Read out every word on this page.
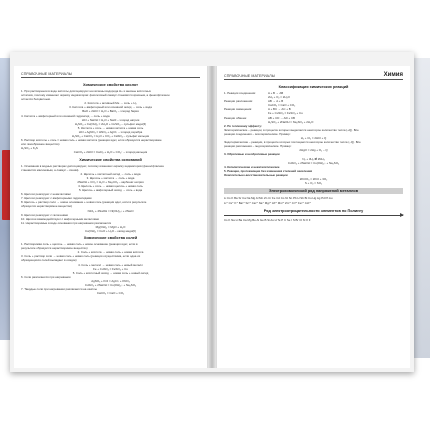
СПРАВОЧНЫЕ МАТЕРИАЛЫ
Химические свойства кислот
1. При растворении в воде кислоты диссоциируют на катионы водорода H+ и анионы кислотных
остатков, поэтому изменяют окраску индикаторов: фиолетовый лакмус становится красным, а фенолфталеин
остается бесцветным.
2. Кислота + активный Ме → соль + H₂
3. Кислота + амфотерный или основной оксид → соль + вода
BaO + 2HCl = H₂O + BaCl₂ – хлорид бария
4. Кислота + амфотерный или основной гидроксид → соль + вода
HCl + NaOH = H₂O + NaCl – хлорид натрия
H₂SO₄ + Cu(OH)₂ = 2H₂O + CuSO₄ – сульфат меди(II)
5. Кислота + соль → новая кислота + новая соль
HCl + AgNO₃ = HNO₃ + AgCl↓ – хлорид серебра
H₂SO₄ + CaCO₃ = H₂O + CO₂ + CaSO₄ – сульфат кальция
6. Раствор кислоты + соль = новая соль + новая кислота (реакция идет, если образуется нерастворимое
или газообразное вещество)
H₂SO₄ + K₂S
CaCO₃ + 2HCl = CaCl₂ + H₂O + CO₂↑ – хлорид кальция
Химические свойства оснований
1. Основания в водных растворах диссоциируют, поэтому изменяют окраску индикаторов (фенолфталеин
становится малиновым, а лакмус – синим).
2. Щелочь + кислотный оксид → соль + вода
3. Щелочь + кислота → соль + вода
2NaOH + CO₂ = H₂O + Na₂CO₃ – карбонат натрия
4. Щелочь + соль → новая щелочь + новая соль
5. Щелочь + амфотерный оксид → соль + вода
6. Щелочи реагируют с неметаллами
7. Щелочи реагируют с амфотерными гидроксидами
8. Щелочь + раствор соли → новое основание + новая соль (реакция идет, если в результате
образуется нерастворимое вещество)
NiCl₂ + 2NaOH = Ni(OH)₂↓ + 2NaCl
9. Щелочи реагируют с галогенами
10. Щелочи взаимодействуют с амфотерными металлами
11. Нерастворимые в воде основания при нагревании разлагаются
Mg(OH)₂ = MgO + H₂O
Cu(OH)₂ = CuO + H₂O – оксид меди(II)
Химические свойства солей
1. Растворимая соль + щелочь → новая соль + новое основание (реакция идет, если в
результате образуется нерастворимое вещество)
2. Соль + кислота → новая соль + новая кислота
3. Соль + раствор соли → новая соль + новая соль (реакция осуществима, если одна из
образующихся солей выпадает в осадок)
4. Соль + металл → новая соль + новый металл
Fe + CuSO₄ = FeSO₄ + Cu
5. Соль + кислотный оксид → новая соль + новый оксид
6. Соли разлагаются при нагревании
AgNO₃ + KCl = AgCl↓ + KNO₃
CuSO₄ + 2NaOH = Cu(OH)₂↓ + Na₂SO₄
7. Твердые соли при нагревании разлагаются на окислы
CaCO₃ = CaO + CO₂
СПРАВОЧНЫЕ МАТЕРИАЛЫ	Химия
Классификация химических реакций
1. Реакции соединения:	A + B → AB
2H₂ + O₂ = 2H₂O
Реакции разложения:	AB → A + B
CaCO₃ = CaO + CO₂
Реакции замещения:	A + BC → AC + B
Fe + CuSO₄ = FeSO₄ + Cu
Реакции обмена:	AB + CD → AD + CB
H₂SO₄ + 2NaOH = Na₂SO₄ + 2H₂O
2. По тепловому эффекту:
Экзотермические – реакции, в процессе которых выделяется некоторое количество тепла (+Q). Все
реакции соединения – экзотермические. Пример:
H₂ + Cl₂ = 2HCl + Q
Эндотермические – реакции, в процессе которых поглощается некоторое количество тепла (–Q). Все
реакции разложения – эндотермические. Пример:
2HgO = 2Hg + O₂ – Q
3. Обратимые и необратимые реакции
N₂ + 3H₂ ⇄ 2NH₃
CuSO₄ + 2NaOH = Cu(OH)₂↓ + Na₂SO₄
4. Каталитические и некаталитические
5. Реакции, протекающие без изменения степеней окисления
Окислительно-восстановительные реакции
2KClO₃ = 2KCl + 3O₂
S + O₂ = SO₂
Электрохимический ряд напряжений металлов
Li Cs K Ba Sr Ca Na Mg Al Mn Zn Cr Fe Cd Co Ni Sn Pb H Sb Bi Cu Hg Ag Pd Pt Au
Li⁺ Cs⁺ K⁺ Ba²⁺ Sr²⁺ Ca²⁺ Na⁺ Mg²⁺ Al³⁺ Mn²⁺ Zn²⁺ Cr³⁺ Fe²⁺ Cd²⁺
Ряд электроотрицательности элементов по Полингу
Cs K Na Li Ba Ca Mg Be Al Ge B Si As H Te P C Se I S Br Cl N O F
